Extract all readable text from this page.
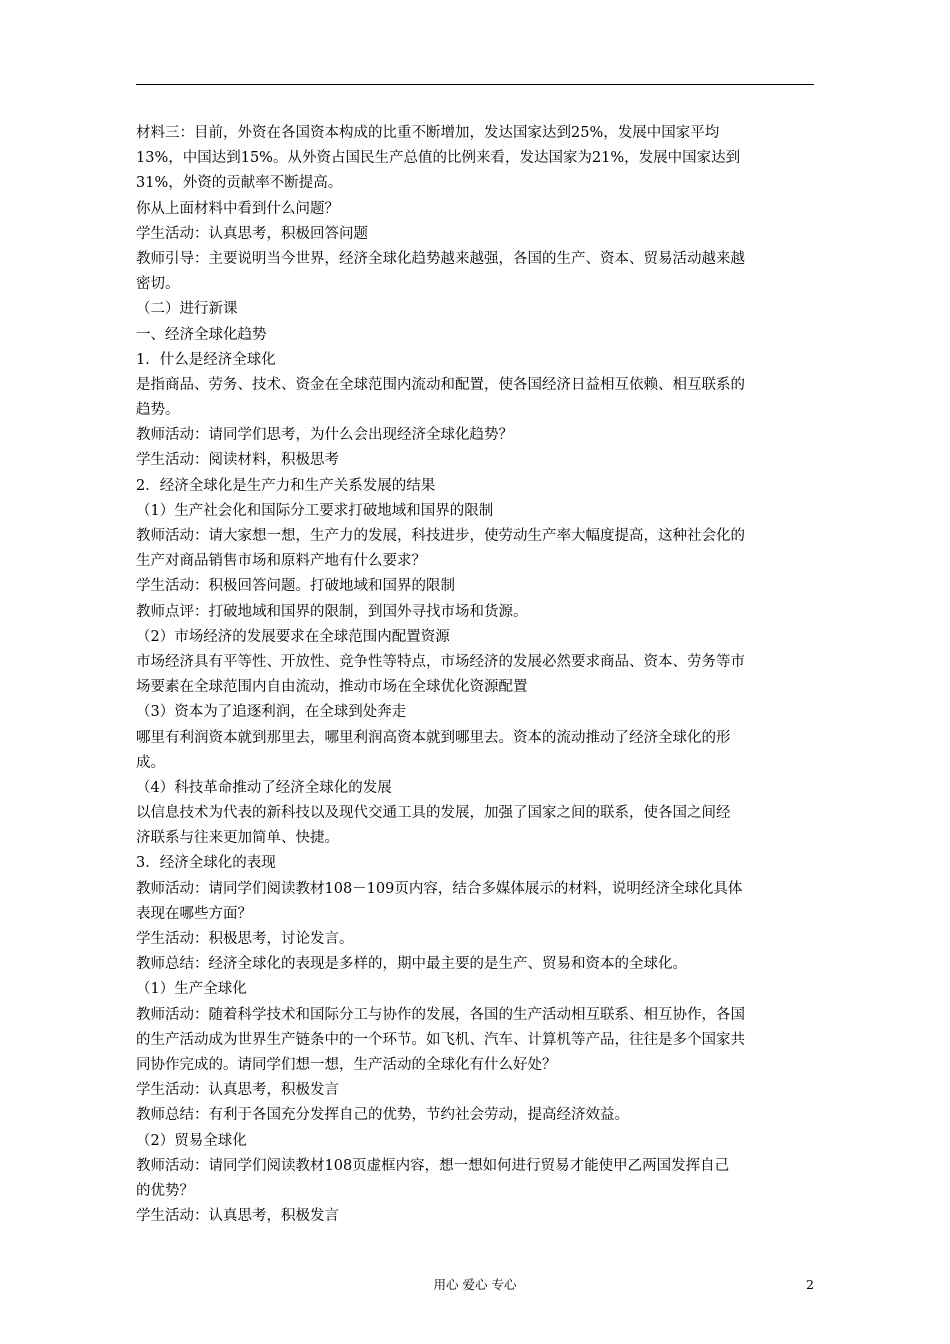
材料三：目前，外资在各国资本构成的比重不断增加，发达国家达到25%，发展中国家平均
13%，中国达到15%。从外资占国民生产总值的比例来看，发达国家为21%，发展中国家达到
31%，外资的贡献率不断提高。
你从上面材料中看到什么问题？
学生活动：认真思考，积极回答问题
教师引导：主要说明当今世界，经济全球化趋势越来越强，各国的生产、资本、贸易活动越来越
密切。
（二）进行新课
一、经济全球化趋势
1．什么是经济全球化
是指商品、劳务、技术、资金在全球范围内流动和配置，使各国经济日益相互依赖、相互联系的
趋势。
教师活动：请同学们思考，为什么会出现经济全球化趋势？
学生活动：阅读材料，积极思考
2．经济全球化是生产力和生产关系发展的结果
（1）生产社会化和国际分工要求打破地域和国界的限制
教师活动：请大家想一想，生产力的发展，科技进步，使劳动生产率大幅度提高，这种社会化的
生产对商品销售市场和原料产地有什么要求？
学生活动：积极回答问题。打破地域和国界的限制
教师点评：打破地域和国界的限制，到国外寻找市场和货源。
（2）市场经济的发展要求在全球范围内配置资源
市场经济具有平等性、开放性、竞争性等特点，市场经济的发展必然要求商品、资本、劳务等市
场要素在全球范围内自由流动，推动市场在全球优化资源配置
（3）资本为了追逐利润，在全球到处奔走
哪里有利润资本就到那里去，哪里利润高资本就到哪里去。资本的流动推动了经济全球化的形
成。
（4）科技革命推动了经济全球化的发展
以信息技术为代表的新科技以及现代交通工具的发展，加强了国家之间的联系，使各国之间经
济联系与往来更加简单、快捷。
3．经济全球化的表现
教师活动：请同学们阅读教材108－109页内容，结合多媒体展示的材料，说明经济全球化具体
表现在哪些方面？
学生活动：积极思考，讨论发言。
教师总结：经济全球化的表现是多样的，期中最主要的是生产、贸易和资本的全球化。
（1）生产全球化
教师活动：随着科学技术和国际分工与协作的发展，各国的生产活动相互联系、相互协作，各国
的生产活动成为世界生产链条中的一个环节。如飞机、汽车、计算机等产品，往往是多个国家共
同协作完成的。请同学们想一想，生产活动的全球化有什么好处？
学生活动：认真思考，积极发言
教师总结：有利于各国充分发挥自己的优势，节约社会劳动，提高经济效益。
（2）贸易全球化
教师活动：请同学们阅读教材108页虚框内容，想一想如何进行贸易才能使甲乙两国发挥自己
的优势？
学生活动：认真思考，积极发言
用心 爱心 专心	2
